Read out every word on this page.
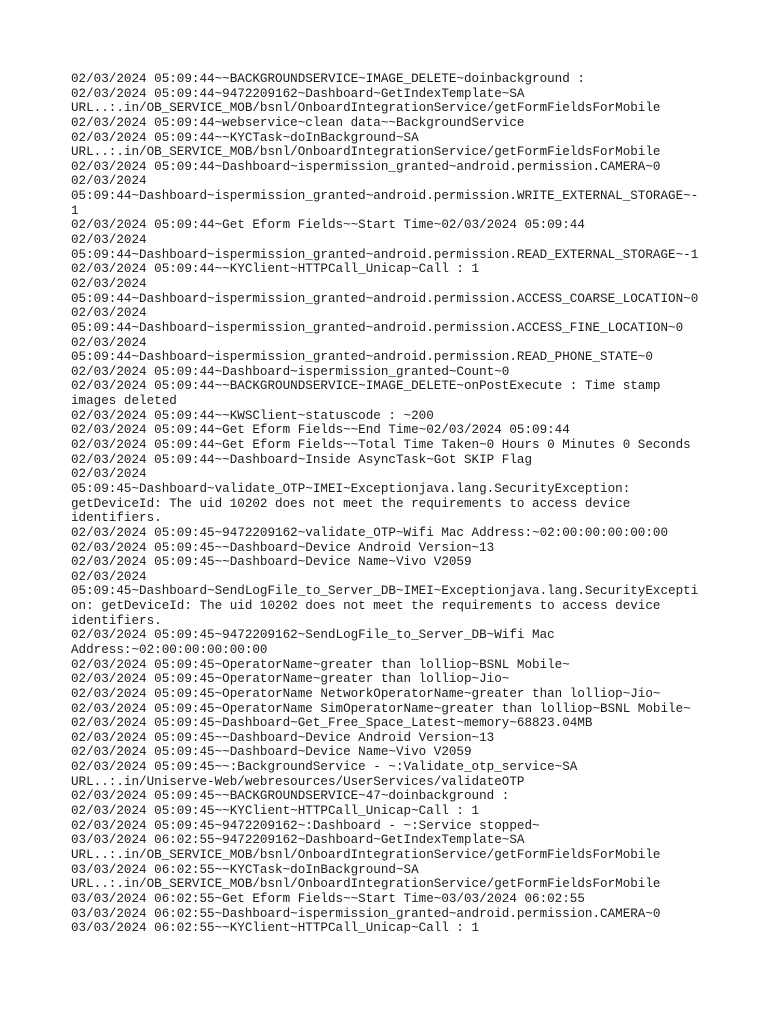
02/03/2024 05:09:44~~BACKGROUNDSERVICE~IMAGE_DELETE~doinbackground :
02/03/2024 05:09:44~9472209162~Dashboard~GetIndexTemplate~SA
URL..:.in/OB_SERVICE_MOB/bsnl/OnboardIntegrationService/getFormFieldsForMobile
02/03/2024 05:09:44~webservice~clean data~~BackgroundService
02/03/2024 05:09:44~~KYCTask~doInBackground~SA
URL..:.in/OB_SERVICE_MOB/bsnl/OnboardIntegrationService/getFormFieldsForMobile
02/03/2024 05:09:44~Dashboard~ispermission_granted~android.permission.CAMERA~0
02/03/2024
05:09:44~Dashboard~ispermission_granted~android.permission.WRITE_EXTERNAL_STORAGE~-
1
02/03/2024 05:09:44~Get Eform Fields~~Start Time~02/03/2024 05:09:44
02/03/2024
05:09:44~Dashboard~ispermission_granted~android.permission.READ_EXTERNAL_STORAGE~-1
02/03/2024 05:09:44~~KYClient~HTTPCall_Unicap~Call : 1
02/03/2024
05:09:44~Dashboard~ispermission_granted~android.permission.ACCESS_COARSE_LOCATION~0
02/03/2024
05:09:44~Dashboard~ispermission_granted~android.permission.ACCESS_FINE_LOCATION~0
02/03/2024
05:09:44~Dashboard~ispermission_granted~android.permission.READ_PHONE_STATE~0
02/03/2024 05:09:44~Dashboard~ispermission_granted~Count~0
02/03/2024 05:09:44~~BACKGROUNDSERVICE~IMAGE_DELETE~onPostExecute : Time stamp
images deleted
02/03/2024 05:09:44~~KWSClient~statuscode : ~200
02/03/2024 05:09:44~Get Eform Fields~~End Time~02/03/2024 05:09:44
02/03/2024 05:09:44~Get Eform Fields~~Total Time Taken~0 Hours 0 Minutes 0 Seconds
02/03/2024 05:09:44~~Dashboard~Inside AsyncTask~Got SKIP Flag
02/03/2024
05:09:45~Dashboard~validate_OTP~IMEI~Exceptionjava.lang.SecurityException:
getDeviceId: The uid 10202 does not meet the requirements to access device
identifiers.
02/03/2024 05:09:45~9472209162~validate_OTP~Wifi Mac Address:~02:00:00:00:00:00
02/03/2024 05:09:45~~Dashboard~Device Android Version~13
02/03/2024 05:09:45~~Dashboard~Device Name~Vivo V2059
02/03/2024
05:09:45~Dashboard~SendLogFile_to_Server_DB~IMEI~Exceptionjava.lang.SecurityExcepti
on: getDeviceId: The uid 10202 does not meet the requirements to access device
identifiers.
02/03/2024 05:09:45~9472209162~SendLogFile_to_Server_DB~Wifi Mac
Address:~02:00:00:00:00:00
02/03/2024 05:09:45~OperatorName~greater than lolliop~BSNL Mobile~
02/03/2024 05:09:45~OperatorName~greater than lolliop~Jio~
02/03/2024 05:09:45~OperatorName NetworkOperatorName~greater than lolliop~Jio~
02/03/2024 05:09:45~OperatorName SimOperatorName~greater than lolliop~BSNL Mobile~
02/03/2024 05:09:45~Dashboard~Get_Free_Space_Latest~memory~68823.04MB
02/03/2024 05:09:45~~Dashboard~Device Android Version~13
02/03/2024 05:09:45~~Dashboard~Device Name~Vivo V2059
02/03/2024 05:09:45~~:BackgroundService - ~:Validate_otp_service~SA
URL..:.in/Uniserve-Web/webresources/UserServices/validateOTP
02/03/2024 05:09:45~~BACKGROUNDSERVICE~47~doinbackground :
02/03/2024 05:09:45~~KYClient~HTTPCall_Unicap~Call : 1
02/03/2024 05:09:45~9472209162~:Dashboard - ~:Service stopped~
03/03/2024 06:02:55~9472209162~Dashboard~GetIndexTemplate~SA
URL..:.in/OB_SERVICE_MOB/bsnl/OnboardIntegrationService/getFormFieldsForMobile
03/03/2024 06:02:55~~KYCTask~doInBackground~SA
URL..:.in/OB_SERVICE_MOB/bsnl/OnboardIntegrationService/getFormFieldsForMobile
03/03/2024 06:02:55~Get Eform Fields~~Start Time~03/03/2024 06:02:55
03/03/2024 06:02:55~Dashboard~ispermission_granted~android.permission.CAMERA~0
03/03/2024 06:02:55~~KYClient~HTTPCall_Unicap~Call : 1
